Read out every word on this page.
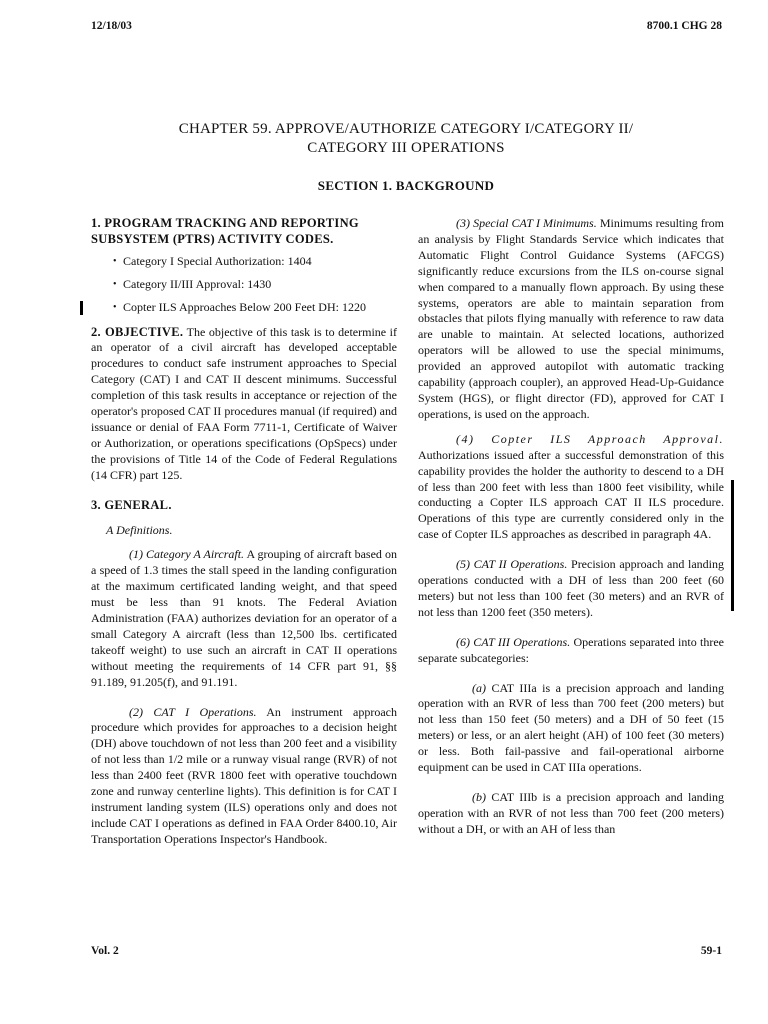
12/18/03	8700.1 CHG 28
CHAPTER 59. APPROVE/AUTHORIZE CATEGORY I/CATEGORY II/
CATEGORY III OPERATIONS
SECTION 1. BACKGROUND

1. PROGRAM TRACKING AND REPORTING SUBSYSTEM (PTRS) ACTIVITY CODES.

• Category I Special Authorization: 1404
• Category II/III Approval: 1430
• Copter ILS Approaches Below 200 Feet DH: 1220

2. OBJECTIVE. The objective of this task is to determine if an operator of a civil aircraft has developed acceptable procedures to conduct safe instrument approaches to Special Category (CAT) I and CAT II descent minimums. Successful completion of this task results in acceptance or rejection of the operator's proposed CAT II procedures manual (if required) and issuance or denial of FAA Form 7711-1, Certificate of Waiver or Authorization, or operations specifications (OpSpecs) under the provisions of Title 14 of the Code of Federal Regulations (14 CFR) part 125.

3. GENERAL.

A Definitions.

(1) Category A Aircraft. A grouping of aircraft based on a speed of 1.3 times the stall speed in the landing configuration at the maximum certificated landing weight, and that speed must be less than 91 knots. The Federal Aviation Administration (FAA) authorizes deviation for an operator of a small Category A aircraft (less than 12,500 lbs. certificated takeoff weight) to use such an aircraft in CAT II operations without meeting the requirements of 14 CFR part 91, §§ 91.189, 91.205(f), and 91.191.

(2) CAT I Operations. An instrument approach procedure which provides for approaches to a decision height (DH) above touchdown of not less than 200 feet and a visibility of not less than 1/2 mile or a runway visual range (RVR) of not less than 2400 feet (RVR 1800 feet with operative touchdown zone and runway centerline lights). This definition is for CAT I instrument landing system (ILS) operations only and does not include CAT I operations as defined in FAA Order 8400.10, Air Transportation Operations Inspector's Handbook.

(3) Special CAT I Minimums. Minimums resulting from an analysis by Flight Standards Service which indicates that Automatic Flight Control Guidance Systems (AFCGS) significantly reduce excursions from the ILS on-course signal when compared to a manually flown approach. By using these systems, operators are able to maintain separation from obstacles that pilots flying manually with reference to raw data are unable to maintain. At selected locations, authorized operators will be allowed to use the special minimums, provided an approved autopilot with automatic tracking capability (approach coupler), an approved Head-Up-Guidance System (HGS), or flight director (FD), approved for CAT I operations, is used on the approach.

(4) Copter ILS Approach Approval. Authorizations issued after a successful demonstration of this capability provides the holder the authority to descend to a DH of less than 200 feet with less than 1800 feet visibility, while conducting a Copter ILS approach CAT II ILS procedure. Operations of this type are currently considered only in the case of Copter ILS approaches as described in paragraph 4A.

(5) CAT II Operations. Precision approach and landing operations conducted with a DH of less than 200 feet (60 meters) but not less than 100 feet (30 meters) and an RVR of not less than 1200 feet (350 meters).

(6) CAT III Operations. Operations separated into three separate subcategories:

(a) CAT IIIa is a precision approach and landing operation with an RVR of less than 700 feet (200 meters) but not less than 150 feet (50 meters) and a DH of 50 feet (15 meters) or less, or an alert height (AH) of 100 feet (30 meters) or less. Both fail-passive and fail-operational airborne equipment can be used in CAT IIIa operations.

(b) CAT IIIb is a precision approach and landing operation with an RVR of not less than 700 feet (200 meters) without a DH, or with an AH of less than

Vol. 2	59-1
